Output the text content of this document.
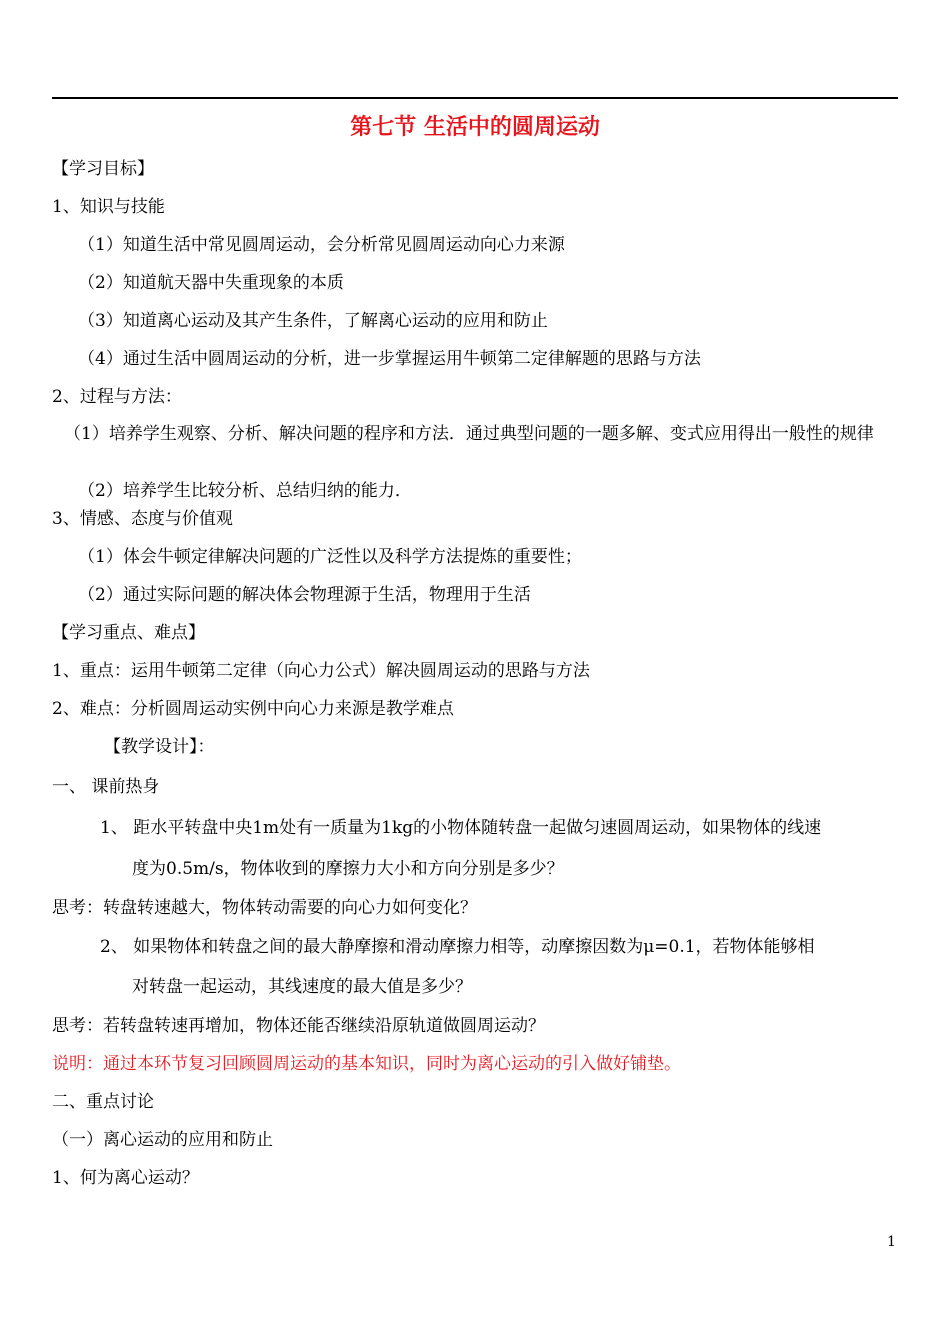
第七节 生活中的圆周运动
【学习目标】
1、知识与技能
（1）知道生活中常见圆周运动，会分析常见圆周运动向心力来源
（2）知道航天器中失重现象的本质
（3）知道离心运动及其产生条件，了解离心运动的应用和防止
（4）通过生活中圆周运动的分析，进一步掌握运用牛顿第二定律解题的思路与方法
2、过程与方法：
（1）培养学生观察、分析、解决问题的程序和方法．通过典型问题的一题多解、变式应用得出一般性的规律
（2）培养学生比较分析、总结归纳的能力．
3、情感、态度与价值观
（1）体会牛顿定律解决问题的广泛性以及科学方法提炼的重要性；
（2）通过实际问题的解决体会物理源于生活，物理用于生活
【学习重点、难点】
1、重点：运用牛顿第二定律（向心力公式）解决圆周运动的思路与方法
2、难点：分析圆周运动实例中向心力来源是教学难点
【教学设计】：
一、 课前热身
1、 距水平转盘中央1m处有一质量为1kg的小物体随转盘一起做匀速圆周运动，如果物体的线速
度为0.5m/s，物体收到的摩擦力大小和方向分别是多少？
思考：转盘转速越大，物体转动需要的向心力如何变化？
2、 如果物体和转盘之间的最大静摩擦和滑动摩擦力相等，动摩擦因数为μ=0.1，若物体能够相
对转盘一起运动，其线速度的最大值是多少？
思考：若转盘转速再增加，物体还能否继续沿原轨道做圆周运动？
说明：通过本环节复习回顾圆周运动的基本知识，同时为离心运动的引入做好铺垫。
二、重点讨论
（一）离心运动的应用和防止
1、何为离心运动？
1
